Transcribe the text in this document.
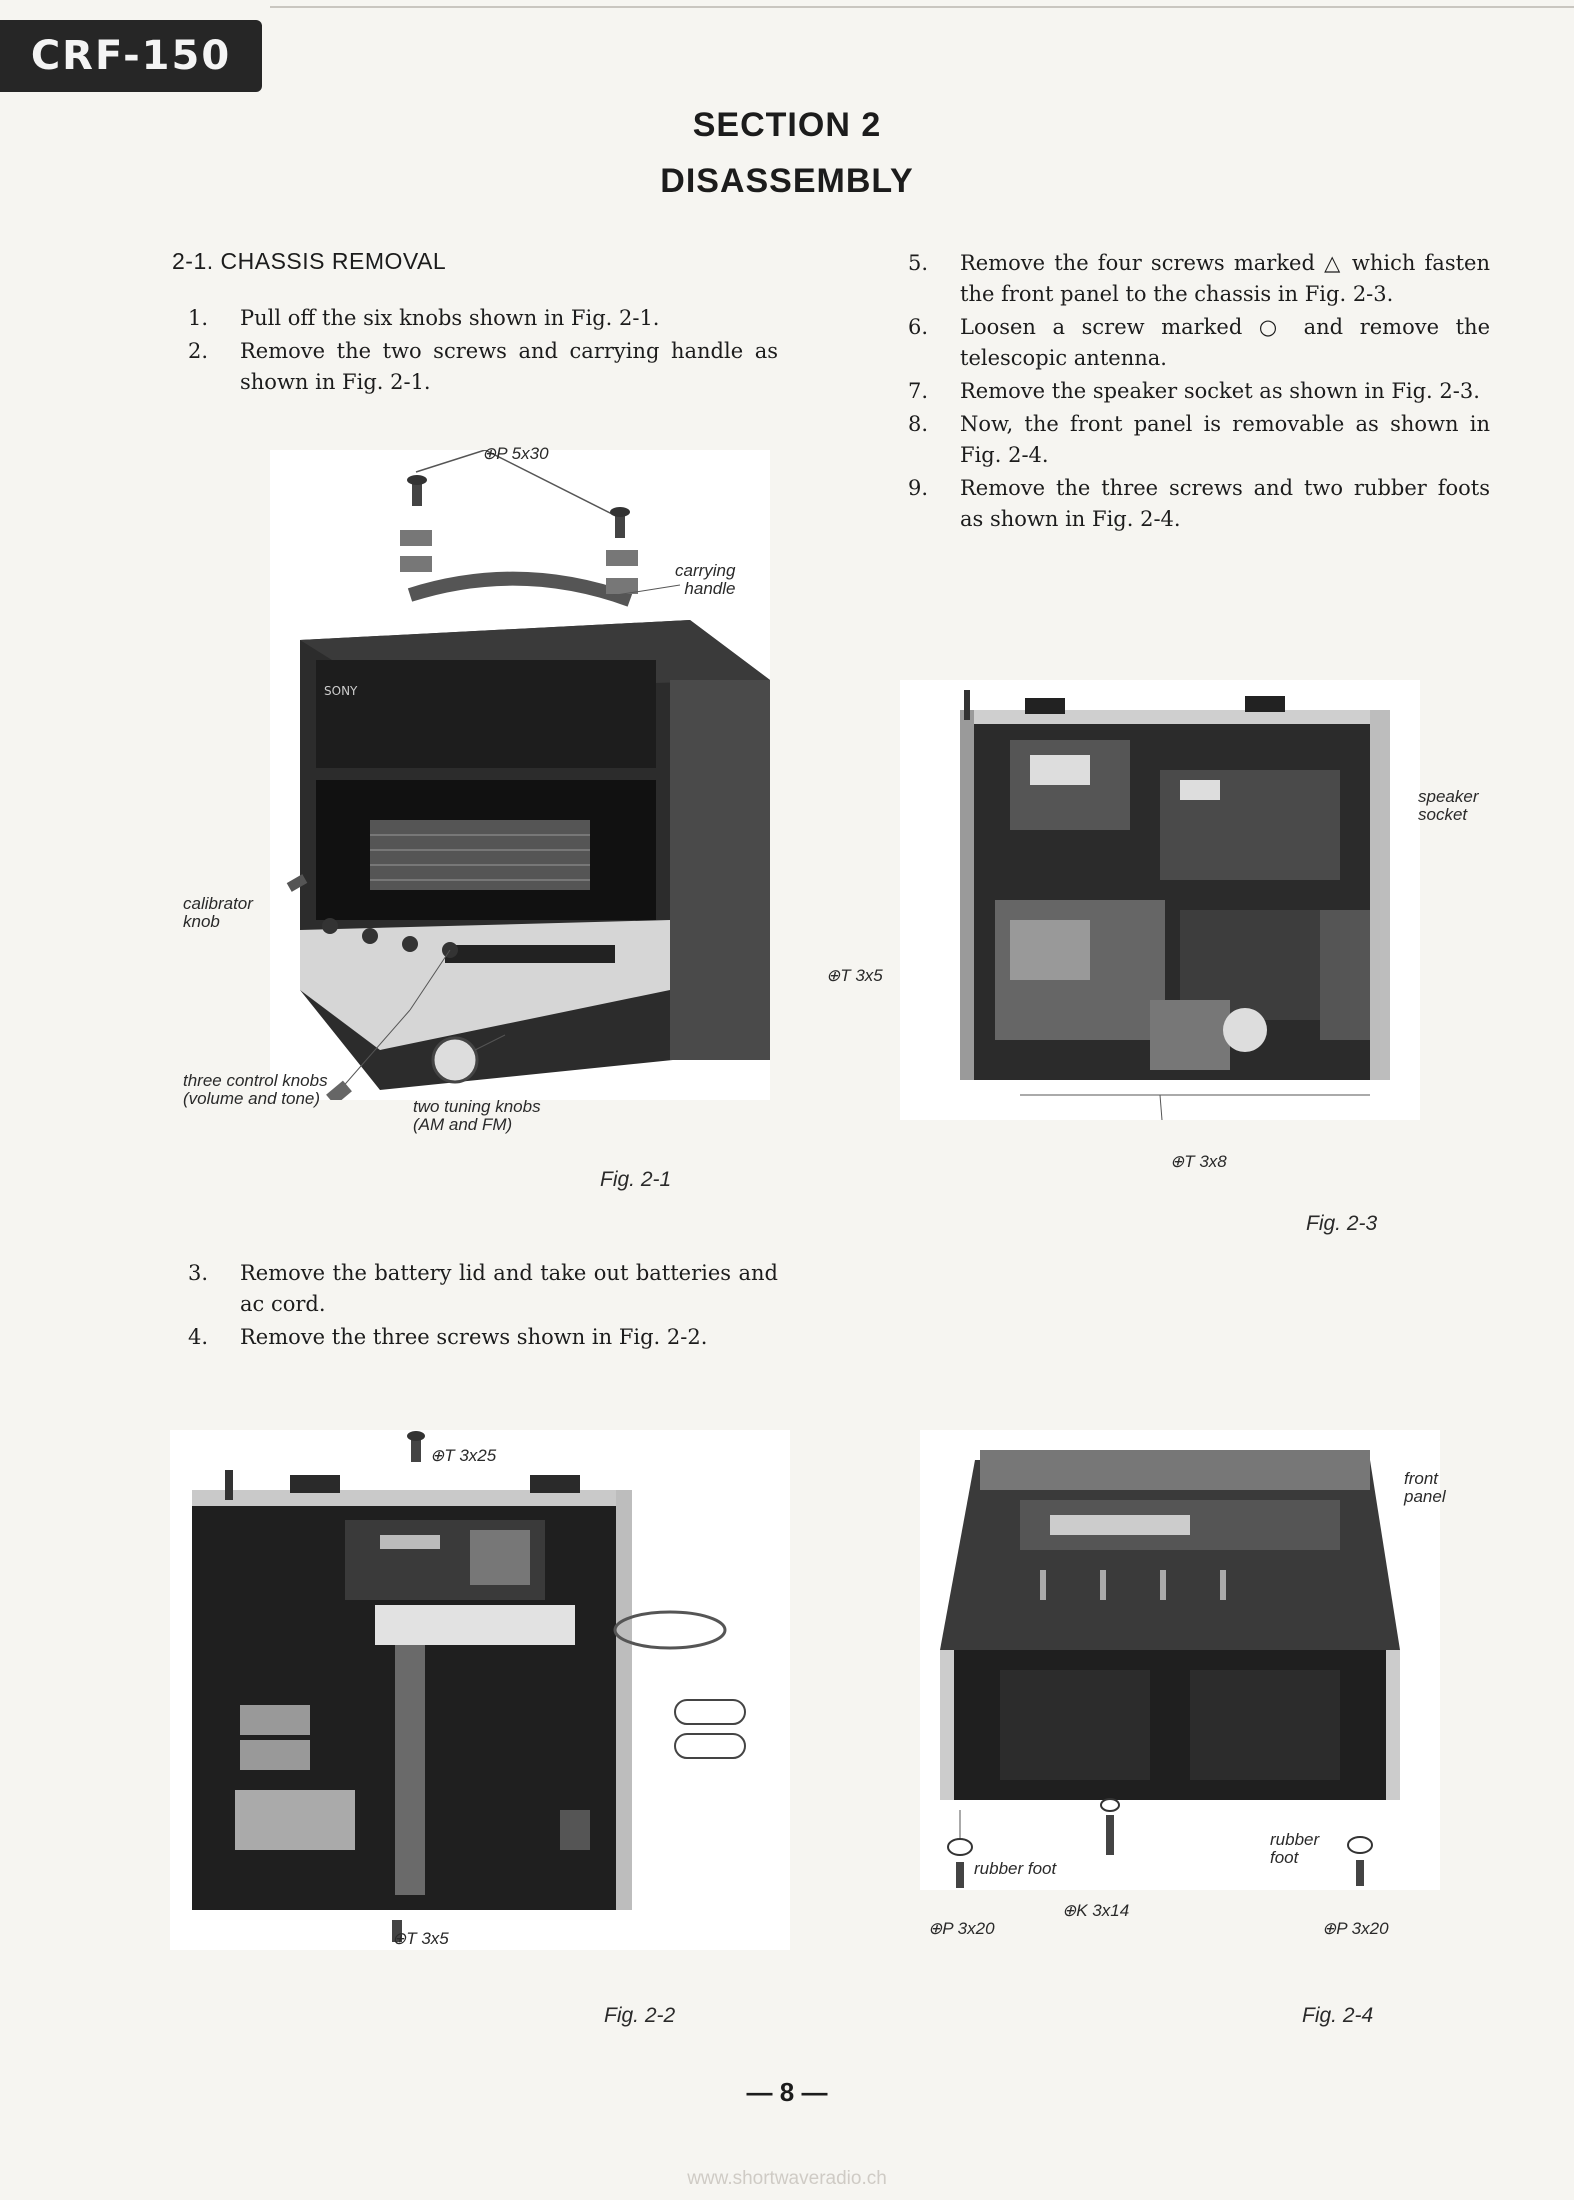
CRF-150
SECTION 2
DISASSEMBLY
2-1. CHASSIS REMOVAL
1.	Pull off the six knobs shown in Fig. 2-1.
2.	Remove the two screws and carrying handle as shown in Fig. 2-1.
SONY
⊕P 5x30
carrying
handle
calibrator
knob
three control knobs
(volume and tone)	two tuning knobs
(AM and FM)
Fig. 2-1
3.	Remove the battery lid and take out batteries and ac cord.
4.	Remove the three screws shown in Fig. 2-2.
⊕T 3x25
⊕T 3x5
Fig. 2-2
5.	Remove the four screws marked △ which fasten the front panel to the chassis in Fig. 2-3.
6.	Loosen a screw marked ○ and remove the telescopic antenna.
7.	Remove the speaker socket as shown in Fig. 2-3.
8.	Now, the front panel is removable as shown in Fig. 2-4.
9.	Remove the three screws and two rubber foots as shown in Fig. 2-4.
speaker
socket
⊕T 3x5
⊕T 3x8
Fig. 2-3
front
panel
rubber foot
rubber
foot
⊕P 3x20
⊕K 3x14
⊕P 3x20
Fig. 2-4
— 8 —
www.shortwaveradio.ch
